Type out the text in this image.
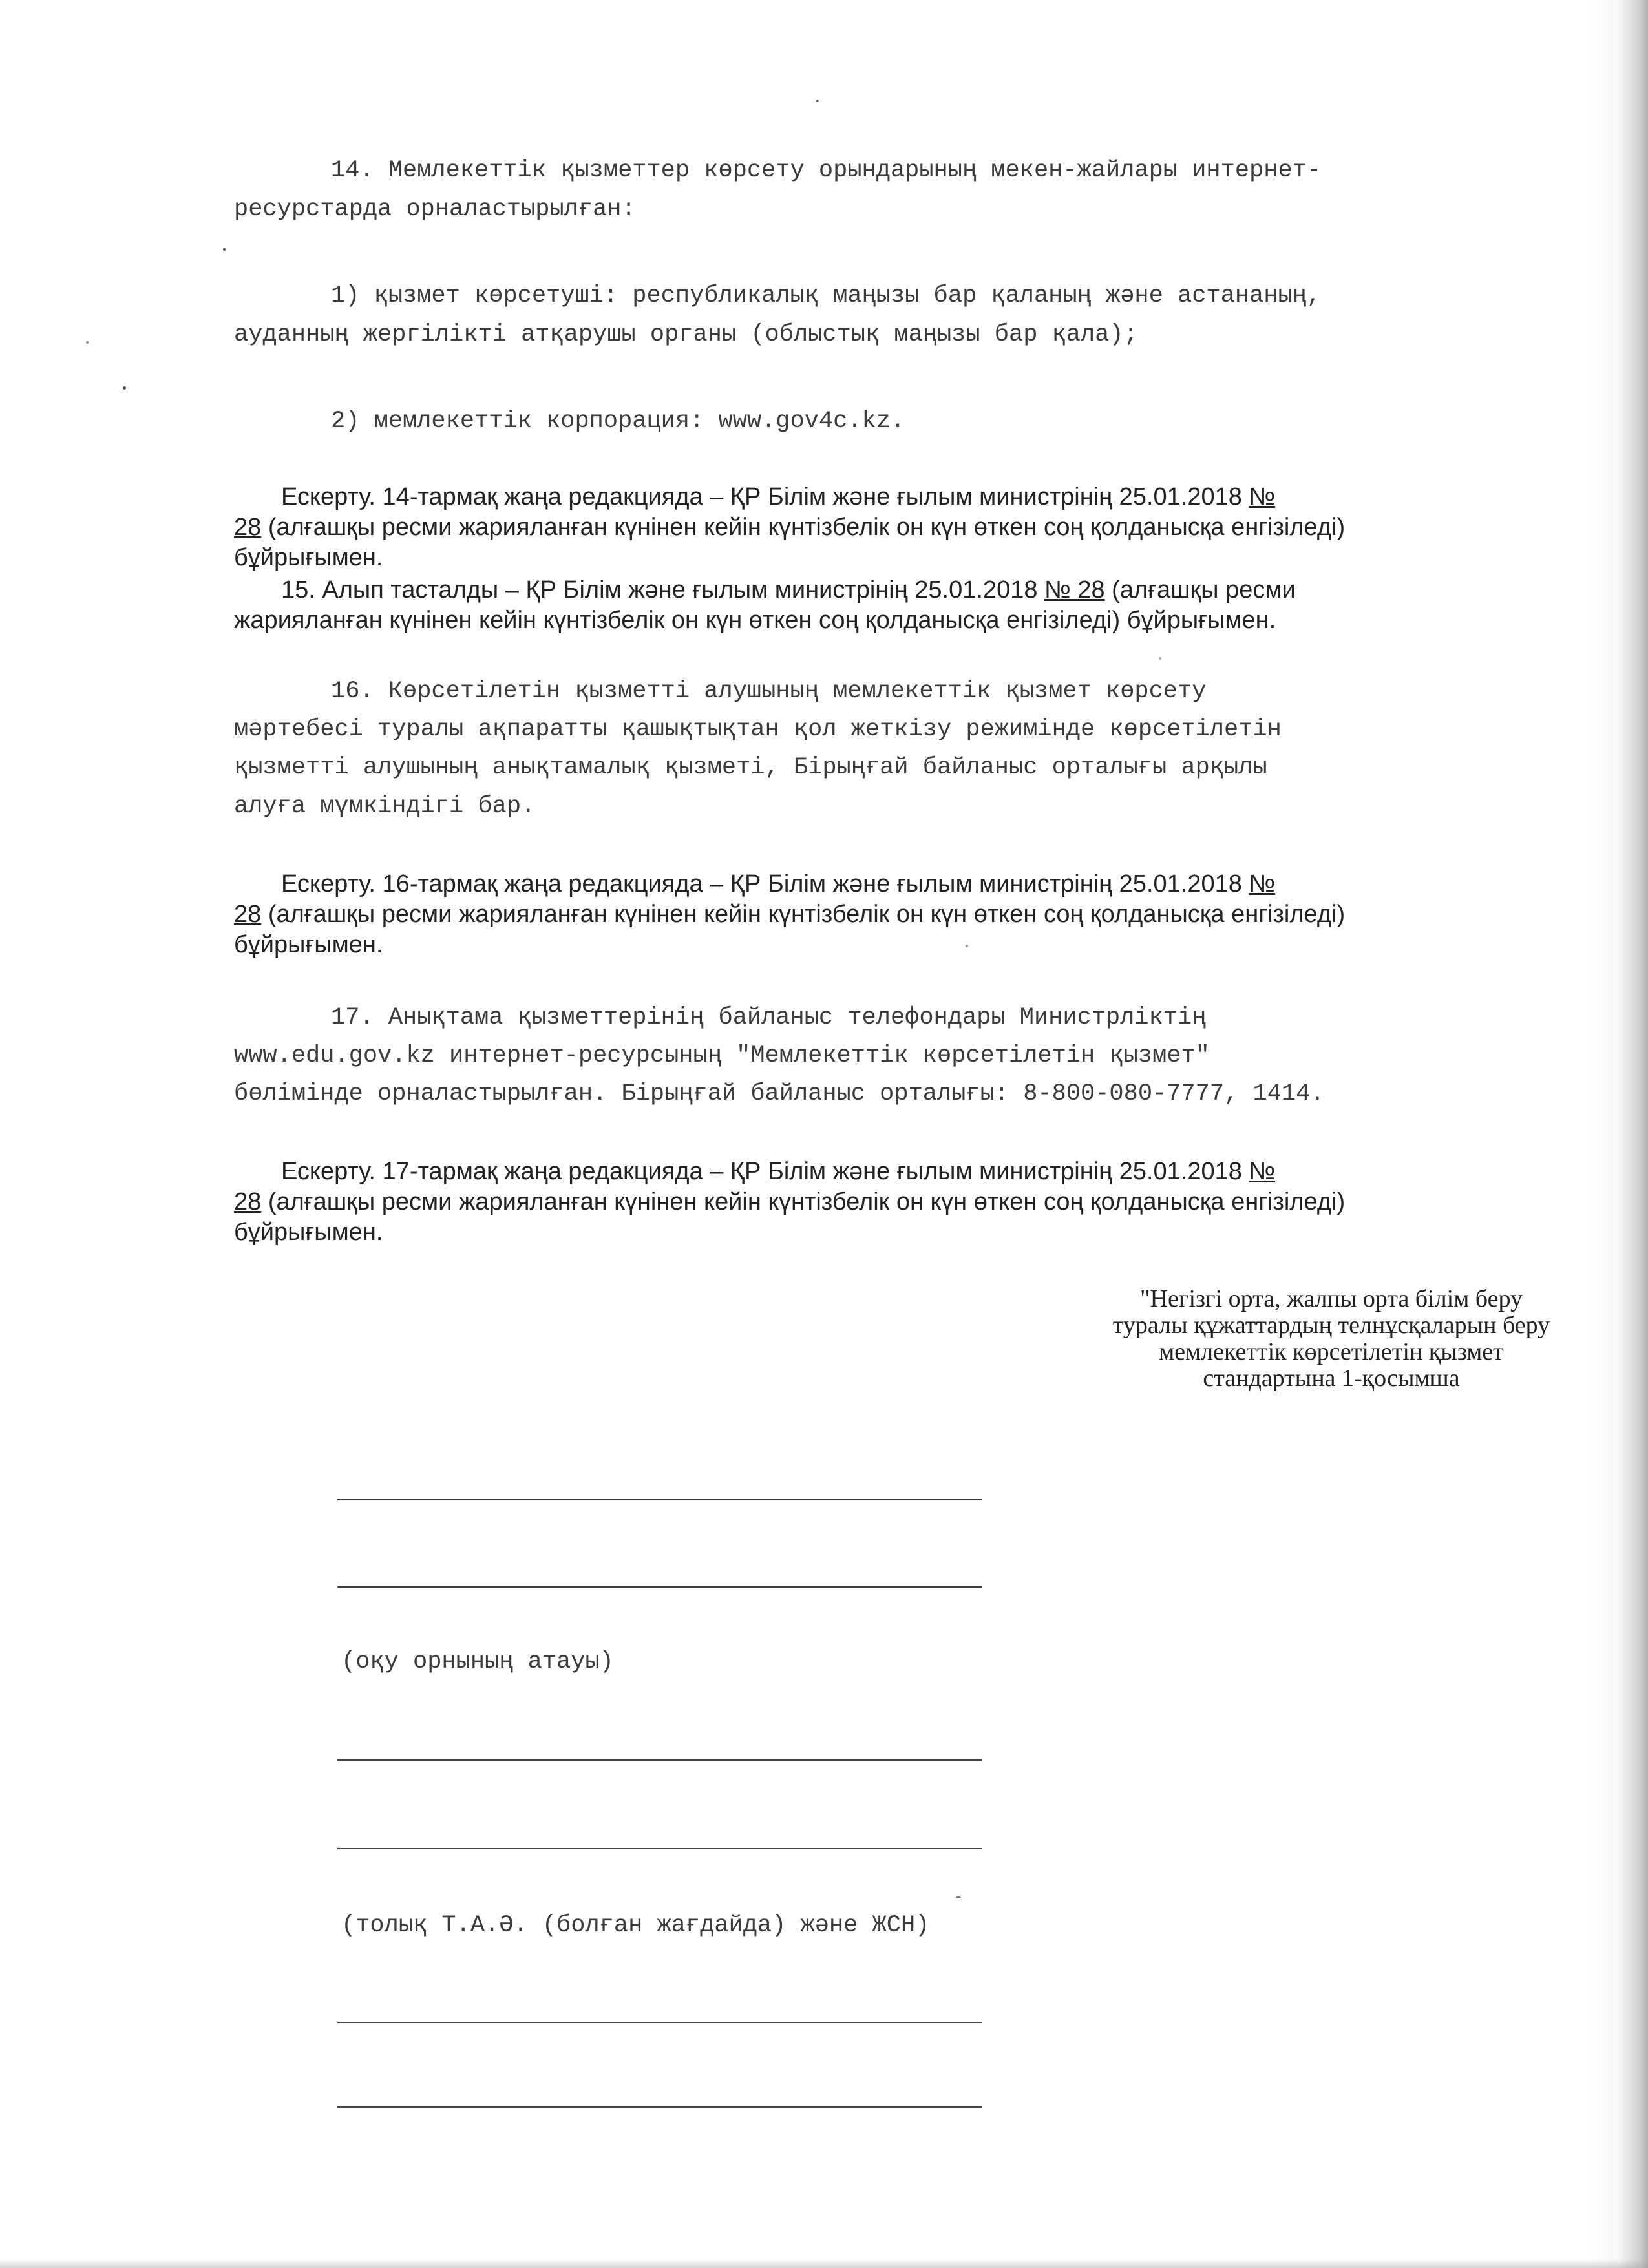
14. Мемлекеттік қызметтер көрсету орындарының мекен-жайлары интернет-
ресурстарда орналастырылған:
1) қызмет көрсетуші: республикалық маңызы бар қаланың және астананың,
ауданның жергілікті атқарушы органы (облыстық маңызы бар қала);
2) мемлекеттік корпорация: www.gov4c.kz.
Ескерту. 14-тармақ жаңа редакцияда – ҚР Білім және ғылым министрінің 25.01.2018 №
28 (алғашқы ресми жарияланған күнінен кейін күнтізбелік он күн өткен соң қолданысқа енгізіледі)
бұйрығымен.
15. Алып тасталды – ҚР Білім және ғылым министрінің 25.01.2018 № 28 (алғашқы ресми
жарияланған күнінен кейін күнтізбелік он күн өткен соң қолданысқа енгізіледі) бұйрығымен.
16. Көрсетілетін қызметті алушының мемлекеттік қызмет көрсету
мәртебесі туралы ақпаратты қашықтықтан қол жеткізу режимінде көрсетілетін
қызметті алушының анықтамалық қызметі, Бірыңғай байланыс орталығы арқылы
алуға мүмкіндігі бар.
Ескерту. 16-тармақ жаңа редакцияда – ҚР Білім және ғылым министрінің 25.01.2018 №
28 (алғашқы ресми жарияланған күнінен кейін күнтізбелік он күн өткен соң қолданысқа енгізіледі)
бұйрығымен.
17. Анықтама қызметтерінің байланыс телефондары Министрліктің
www.edu.gov.kz интернет-ресурсының "Мемлекеттік көрсетілетін қызмет"
бөлімінде орналастырылған. Бірыңғай байланыс орталығы: 8-800-080-7777, 1414.
Ескерту. 17-тармақ жаңа редакцияда – ҚР Білім және ғылым министрінің 25.01.2018 №
28 (алғашқы ресми жарияланған күнінен кейін күнтізбелік он күн өткен соң қолданысқа енгізіледі)
бұйрығымен.
"Негізгі орта, жалпы орта білім беру
туралы құжаттардың телнұсқаларын беру
мемлекеттік көрсетілетін қызмет
стандартына 1-қосымша
(оқу орнының атауы)
(толық Т.А.Ә. (болған жағдайда) және ЖСН)
